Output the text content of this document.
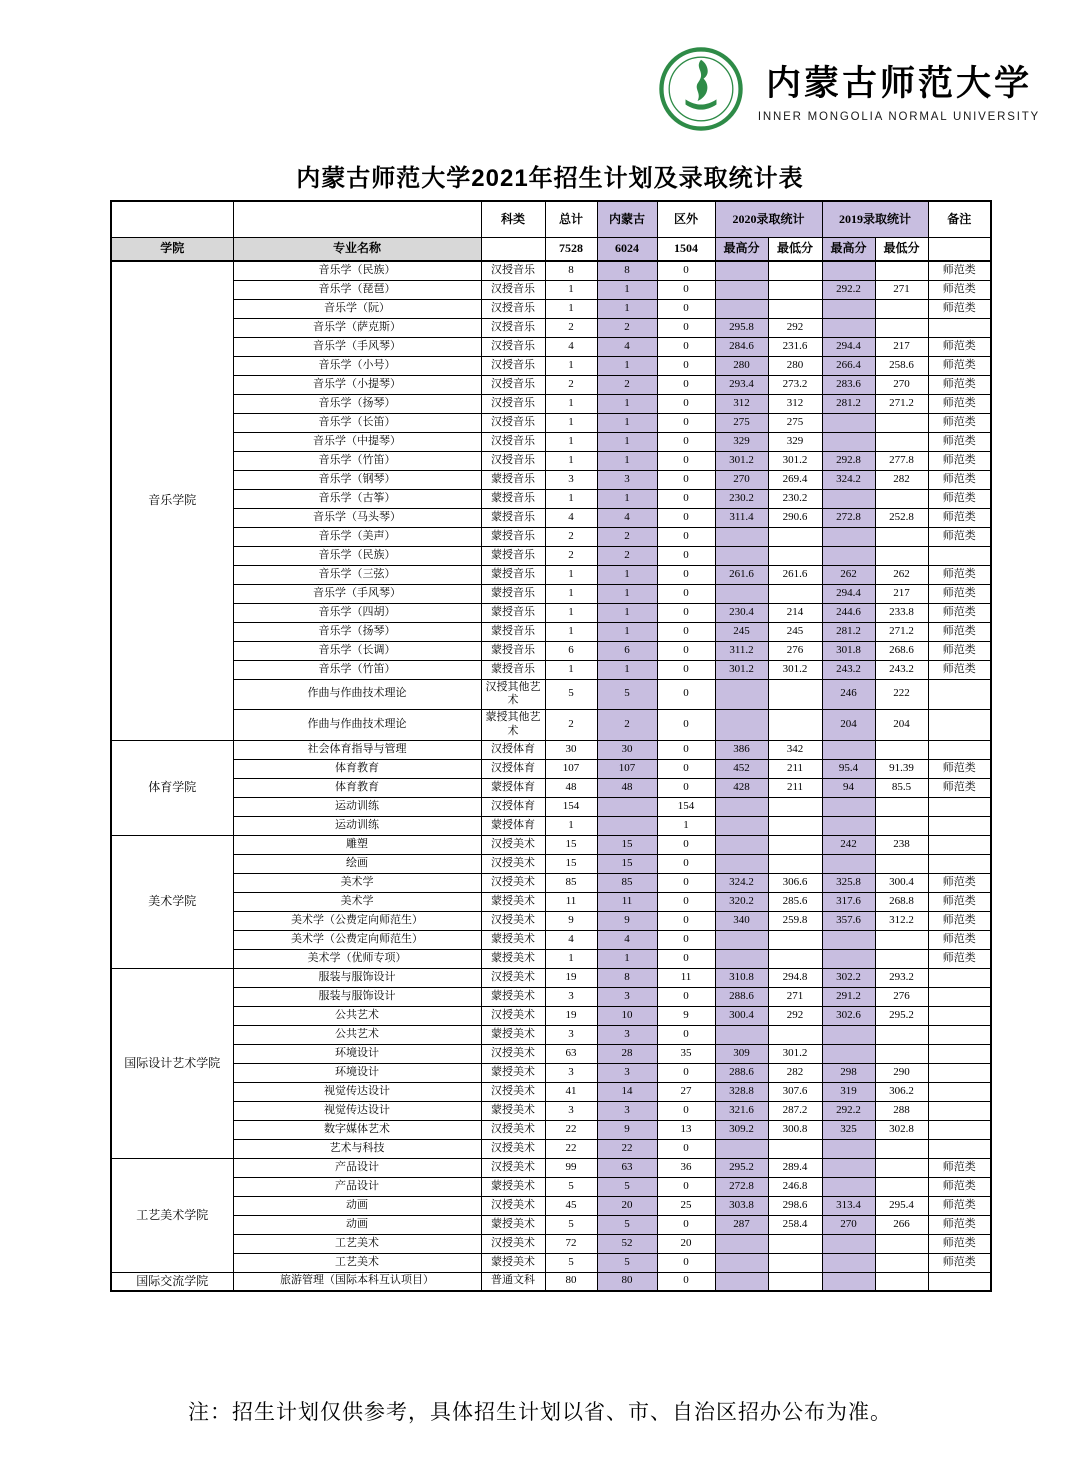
内蒙古师范大学
INNER MONGOLIA NORMAL UNIVERSITY
内蒙古师范大学2021年招生计划及录取统计表
		科类	总计	内蒙古	区外	2020录取统计		2019录取统计		备注
学院	专业名称		7528	6024	1504	最高分	最低分	最高分	最低分	
音乐学院	音乐学（民族）	汉授音乐	8	8	0					师范类
	音乐学（琵琶）	汉授音乐	1	1	0			292.2	271	师范类
	音乐学（阮）	汉授音乐	1	1	0					师范类
	音乐学（萨克斯）	汉授音乐	2	2	0	295.8	292			
	音乐学（手风琴）	汉授音乐	4	4	0	284.6	231.6	294.4	217	师范类
	音乐学（小号）	汉授音乐	1	1	0	280	280	266.4	258.6	师范类
	音乐学（小提琴）	汉授音乐	2	2	0	293.4	273.2	283.6	270	师范类
	音乐学（扬琴）	汉授音乐	1	1	0	312	312	281.2	271.2	师范类
	音乐学（长笛）	汉授音乐	1	1	0	275	275			师范类
	音乐学（中提琴）	汉授音乐	1	1	0	329	329			师范类
	音乐学（竹笛）	汉授音乐	1	1	0	301.2	301.2	292.8	277.8	师范类
	音乐学（钢琴）	蒙授音乐	3	3	0	270	269.4	324.2	282	师范类
	音乐学（古筝）	蒙授音乐	1	1	0	230.2	230.2			师范类
	音乐学（马头琴）	蒙授音乐	4	4	0	311.4	290.6	272.8	252.8	师范类
	音乐学（美声）	蒙授音乐	2	2	0					师范类
	音乐学（民族）	蒙授音乐	2	2	0					
	音乐学（三弦）	蒙授音乐	1	1	0	261.6	261.6	262	262	师范类
	音乐学（手风琴）	蒙授音乐	1	1	0			294.4	217	师范类
	音乐学（四胡）	蒙授音乐	1	1	0	230.4	214	244.6	233.8	师范类
	音乐学（扬琴）	蒙授音乐	1	1	0	245	245	281.2	271.2	师范类
	音乐学（长调）	蒙授音乐	6	6	0	311.2	276	301.8	268.6	师范类
	音乐学（竹笛）	蒙授音乐	1	1	0	301.2	301.2	243.2	243.2	师范类
	作曲与作曲技术理论	汉授其他艺术	5	5	0			246	222	
	作曲与作曲技术理论	蒙授其他艺术	2	2	0			204	204	
体育学院	社会体育指导与管理	汉授体育	30	30	0	386	342			
	体育教育	汉授体育	107	107	0	452	211	95.4	91.39	师范类
	体育教育	蒙授体育	48	48	0	428	211	94	85.5	师范类
	运动训练	汉授体育	154		154					
	运动训练	蒙授体育	1		1					
美术学院	雕塑	汉授美术	15	15	0			242	238	
	绘画	汉授美术	15	15	0					
	美术学	汉授美术	85	85	0	324.2	306.6	325.8	300.4	师范类
	美术学	蒙授美术	11	11	0	320.2	285.6	317.6	268.8	师范类
	美术学（公费定向师范生）	汉授美术	9	9	0	340	259.8	357.6	312.2	师范类
	美术学（公费定向师范生）	蒙授美术	4	4	0					师范类
	美术学（优师专项）	蒙授美术	1	1	0					师范类
国际设计艺术学院	服装与服饰设计	汉授美术	19	8	11	310.8	294.8	302.2	293.2	
	服装与服饰设计	蒙授美术	3	3	0	288.6	271	291.2	276	
	公共艺术	汉授美术	19	10	9	300.4	292	302.6	295.2	
	公共艺术	蒙授美术	3	3	0					
	环境设计	汉授美术	63	28	35	309	301.2			
	环境设计	蒙授美术	3	3	0	288.6	282	298	290	
	视觉传达设计	汉授美术	41	14	27	328.8	307.6	319	306.2	
	视觉传达设计	蒙授美术	3	3	0	321.6	287.2	292.2	288	
	数字媒体艺术	汉授美术	22	9	13	309.2	300.8	325	302.8	
	艺术与科技	汉授美术	22	22	0					
工艺美术学院	产品设计	汉授美术	99	63	36	295.2	289.4			师范类
	产品设计	蒙授美术	5	5	0	272.8	246.8			师范类
	动画	汉授美术	45	20	25	303.8	298.6	313.4	295.4	师范类
	动画	蒙授美术	5	5	0	287	258.4	270	266	师范类
	工艺美术	汉授美术	72	52	20					师范类
	工艺美术	蒙授美术	5	5	0					师范类
国际交流学院	旅游管理（国际本科互认项目）	普通文科	80	80	0					

注：招生计划仅供参考，具体招生计划以省、市、自治区招办公布为准。
